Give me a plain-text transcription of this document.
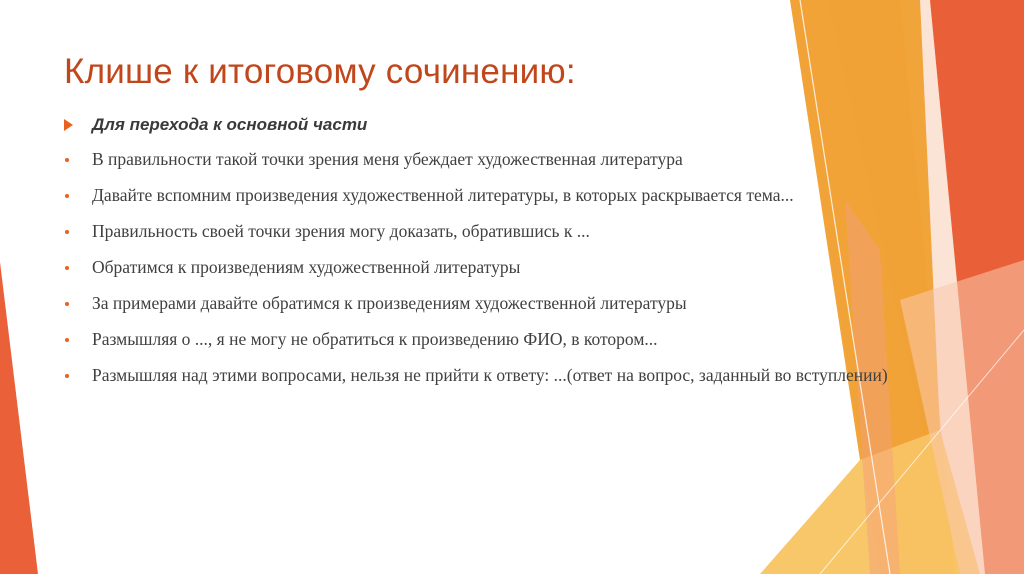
Клише к итоговому сочинению:
Для перехода к основной части
В правильности такой точки зрения меня убеждает художественная литература
Давайте вспомним произведения художественной литературы, в которых раскрывается тема...
Правильность своей точки зрения могу доказать, обратившись к ...
Обратимся к произведениям художественной литературы
За примерами давайте обратимся к произведениям художественной литературы
Размышляя о ..., я не могу не обратиться к произведению ФИО, в котором...
Размышляя над этими вопросами, нельзя не прийти к ответу: ...(ответ на вопрос, заданный во вступлении)
